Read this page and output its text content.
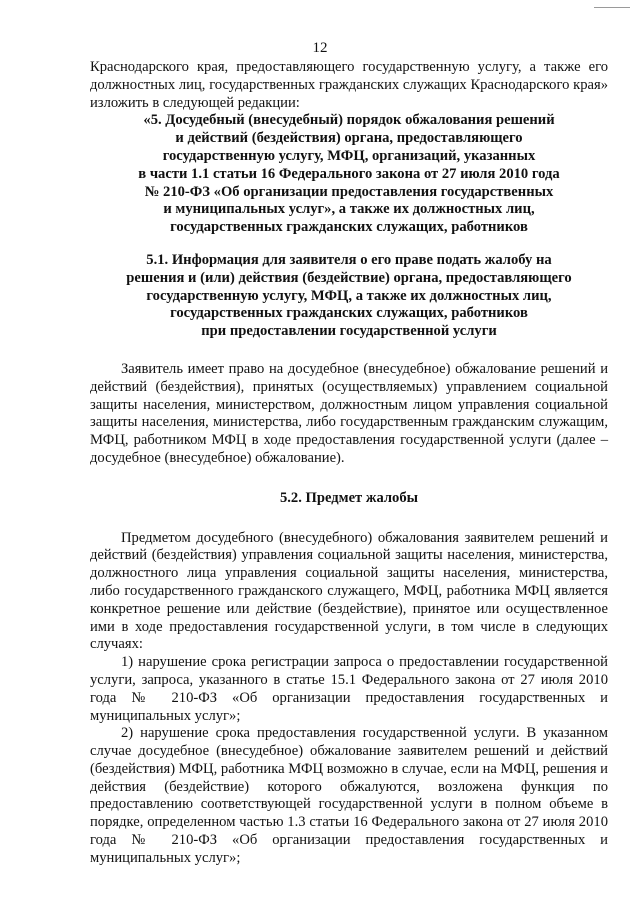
12

Краснодарского края, предоставляющего государственную услугу, а также его должностных лиц, государственных гражданских служащих Краснодарского края» изложить в следующей редакции:

«5. Досудебный (внесудебный) порядок обжалования решений
и действий (бездействия) органа, предоставляющего
государственную услугу, МФЦ, организаций, указанных
в части 1.1 статьи 16 Федерального закона от 27 июля 2010 года
№ 210-ФЗ «Об организации предоставления государственных
и муниципальных услуг», а также их должностных лиц,
государственных гражданских служащих, работников
5.1. Информация для заявителя о его праве подать жалобу на
решения и (или) действия (бездействие) органа, предоставляющего
государственную услугу, МФЦ, а также их должностных лиц,
государственных гражданских служащих, работников
при предоставлении государственной услуги

Заявитель имеет право на досудебное (внесудебное) обжалование решений и действий (бездействия), принятых (осуществляемых) управлением социальной защиты населения, министерством, должностным лицом управления социальной защиты населения, министерства, либо государственным гражданским служащим, МФЦ, работником МФЦ в ходе предоставления государственной услуги (далее – досудебное (внесудебное) обжалование).

5.2. Предмет жалобы

Предметом досудебного (внесудебного) обжалования заявителем решений и действий (бездействия) управления социальной защиты населения, министерства, должностного лица управления социальной защиты населения, министерства, либо государственного гражданского служащего, МФЦ, работника МФЦ является конкретное решение или действие (бездействие), принятое или осуществленное ими в ходе предоставления государственной услуги, в том числе в следующих случаях:

1) нарушение срока регистрации запроса о предоставлении государственной услуги, запроса, указанного в статье 15.1 Федерального закона от 27 июля 2010 года № 210-ФЗ «Об организации предоставления государственных и муниципальных услуг»;

2) нарушение срока предоставления государственной услуги. В указанном случае досудебное (внесудебное) обжалование заявителем решений и действий (бездействия) МФЦ, работника МФЦ возможно в случае, если на МФЦ, решения и действия (бездействие) которого обжалуются, возложена функция по предоставлению соответствующей государственной услуги в полном объеме в порядке, определенном частью 1.3 статьи 16 Федерального закона от 27 июля 2010 года № 210-ФЗ «Об организации предоставления государственных и муниципальных услуг»;
